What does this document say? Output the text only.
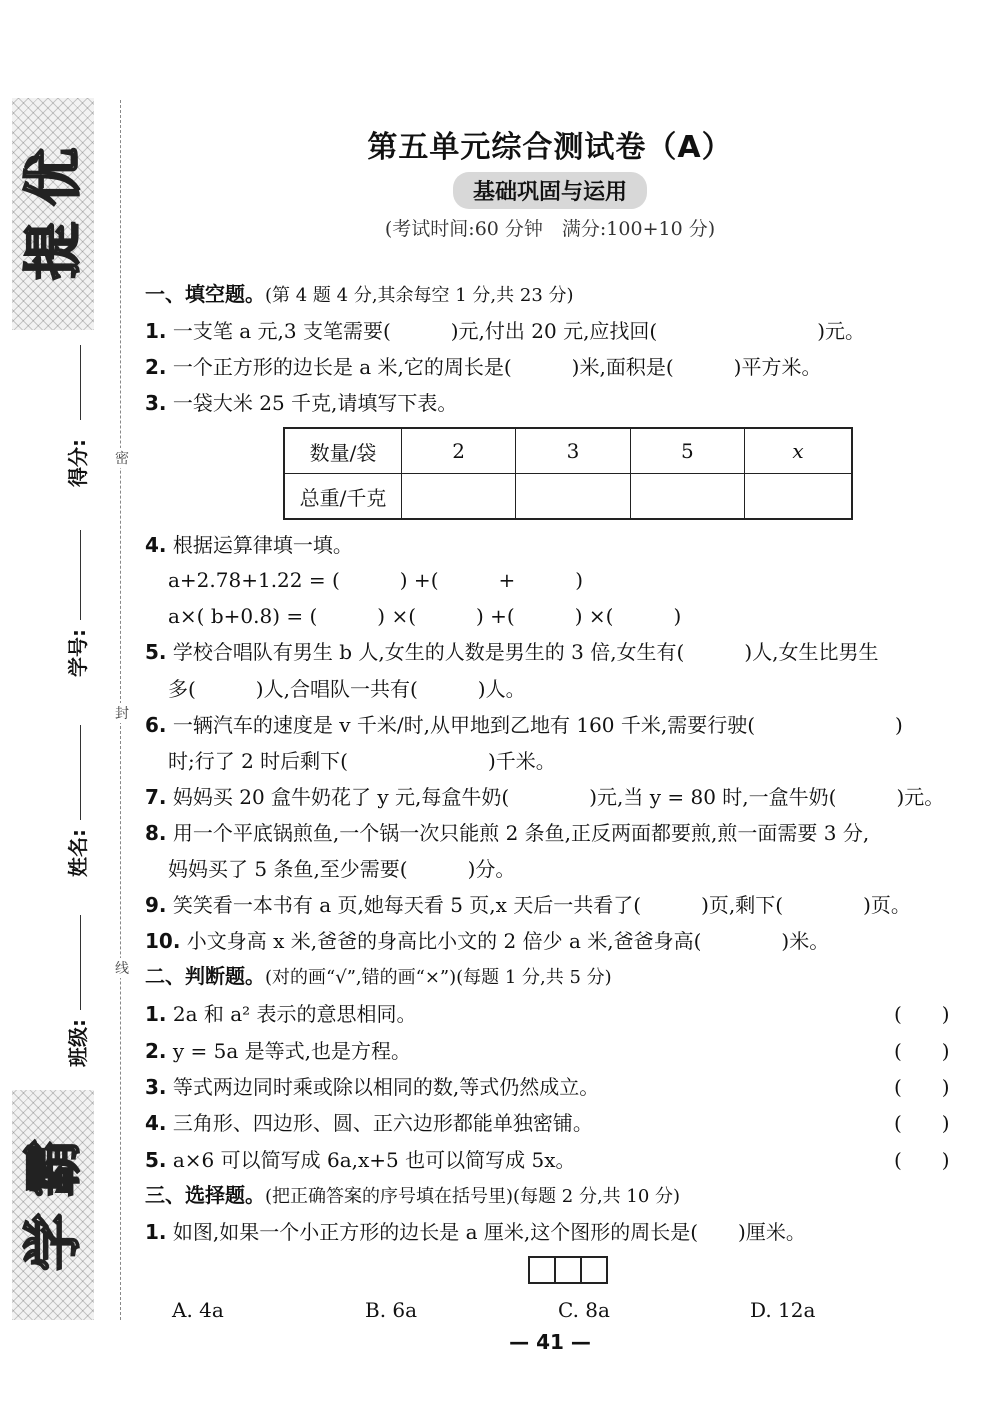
优
提
霸
学
得分:
学号:
姓名:
班级:
密
封
线
第五单元综合测试卷（A）
基础巩固与运用
(考试时间:60 分钟　满分:100+10 分)
一、填空题。(第 4 题 4 分,其余每空 1 分,共 23 分)
1. 一支笔 a 元,3 支笔需要(　　　)元,付出 20 元,应找回(　　　　　　　　)元。
2. 一个正方形的边长是 a 米,它的周长是(　　　)米,面积是(　　　)平方米。
3. 一袋大米 25 千克,请填写下表。
数量/袋	2	3	5	x
总重/千克				
4. 根据运算律填一填。
a+2.78+1.22 = (　　　) +(　　　+　　　)
a×( b+0.8) = (　　　) ×(　　　) +(　　　) ×(　　　)
5. 学校合唱队有男生 b 人,女生的人数是男生的 3 倍,女生有(　　　)人,女生比男生
多(　　　)人,合唱队一共有(　　　)人。
6. 一辆汽车的速度是 v 千米/时,从甲地到乙地有 160 千米,需要行驶(　　　　　　　)
时;行了 2 时后剩下(　　　　　　　)千米。
7. 妈妈买 20 盒牛奶花了 y 元,每盒牛奶(　　　　)元,当 y = 80 时,一盒牛奶(　　　)元。
8. 用一个平底锅煎鱼,一个锅一次只能煎 2 条鱼,正反两面都要煎,煎一面需要 3 分,
妈妈买了 5 条鱼,至少需要(　　　)分。
9. 笑笑看一本书有 a 页,她每天看 5 页,x 天后一共看了(　　　)页,剩下(　　　　)页。
10. 小文身高 x 米,爸爸的身高比小文的 2 倍少 a 米,爸爸身高(　　　　)米。
二、判断题。(对的画“√”,错的画“×”)(每题 1 分,共 5 分)
1. 2a 和 a² 表示的意思相同。	(　　)
2. y = 5a 是等式,也是方程。	(　　)
3. 等式两边同时乘或除以相同的数,等式仍然成立。	(　　)
4. 三角形、四边形、圆、正六边形都能单独密铺。	(　　)
5. a×6 可以简写成 6a,x+5 也可以简写成 5x。	(　　)
三、选择题。(把正确答案的序号填在括号里)(每题 2 分,共 10 分)
1. 如图,如果一个小正方形的边长是 a 厘米,这个图形的周长是(　　)厘米。
A. 4a	B. 6a	C. 8a	D. 12a
— 41 —
